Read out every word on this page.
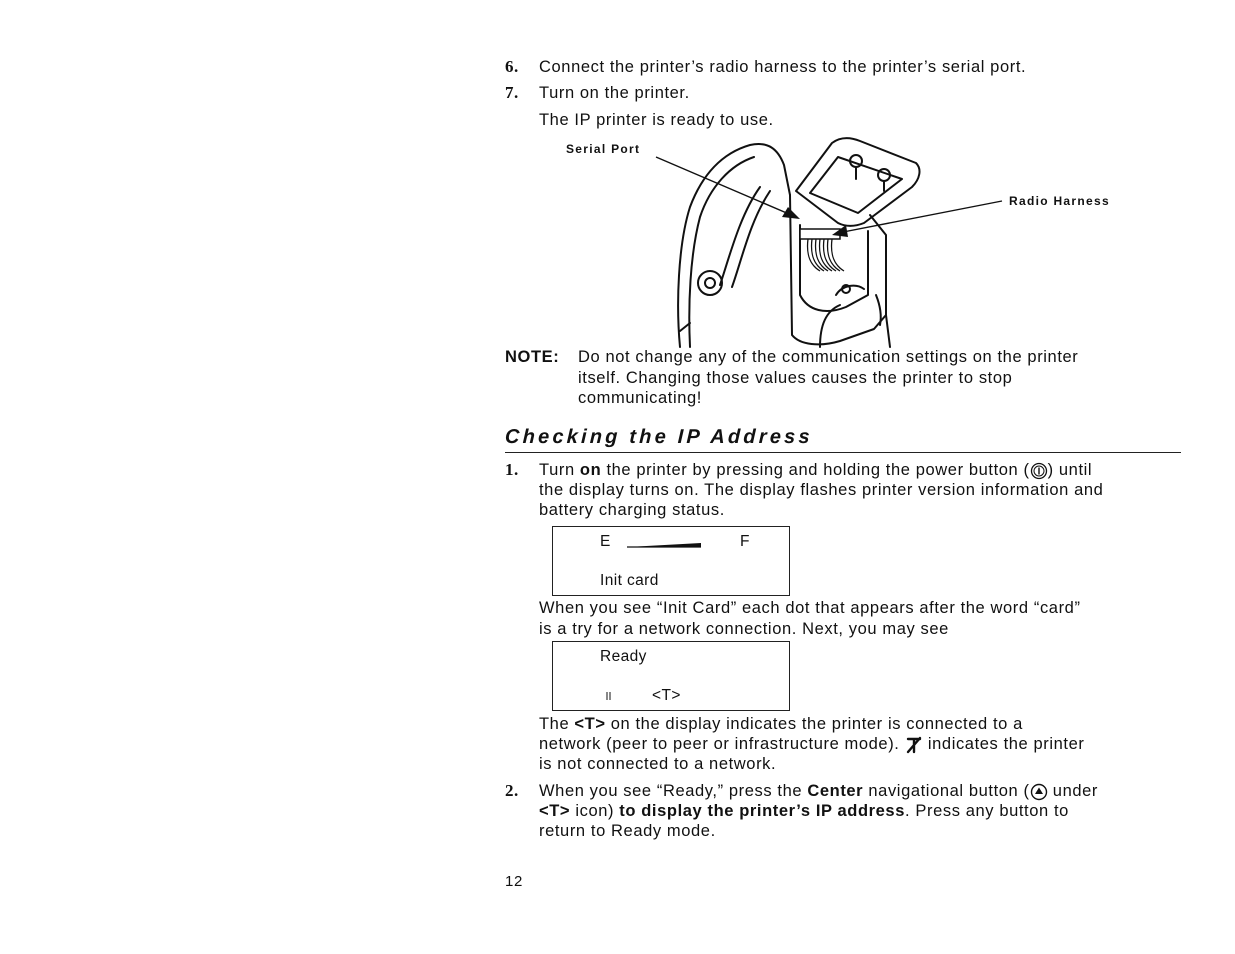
6. Connect the printer’s radio harness to the printer’s serial port.
7. Turn on the printer.
The IP printer is ready to use.
Serial Port
Radio Harness
NOTE: Do not change any of the communication settings on the printer
itself. Changing those values causes the printer to stop
communicating!
Checking the IP Address
1. Turn on the printer by pressing and holding the power button ( ) until
the display turns on. The display flashes printer version information and
battery charging status.
E	F
Init card
When you see “Init Card” each dot that appears after the word “card”
is a try for a network connection. Next, you may see
Ready
<T>
The <T> on the display indicates the printer is connected to a
network (peer to peer or infrastructure mode).  indicates the printer
is not connected to a network.
2. When you see “Ready,” press the Center navigational button ( under
<T> icon) to display the printer’s IP address. Press any button to
return to Ready mode.
12
